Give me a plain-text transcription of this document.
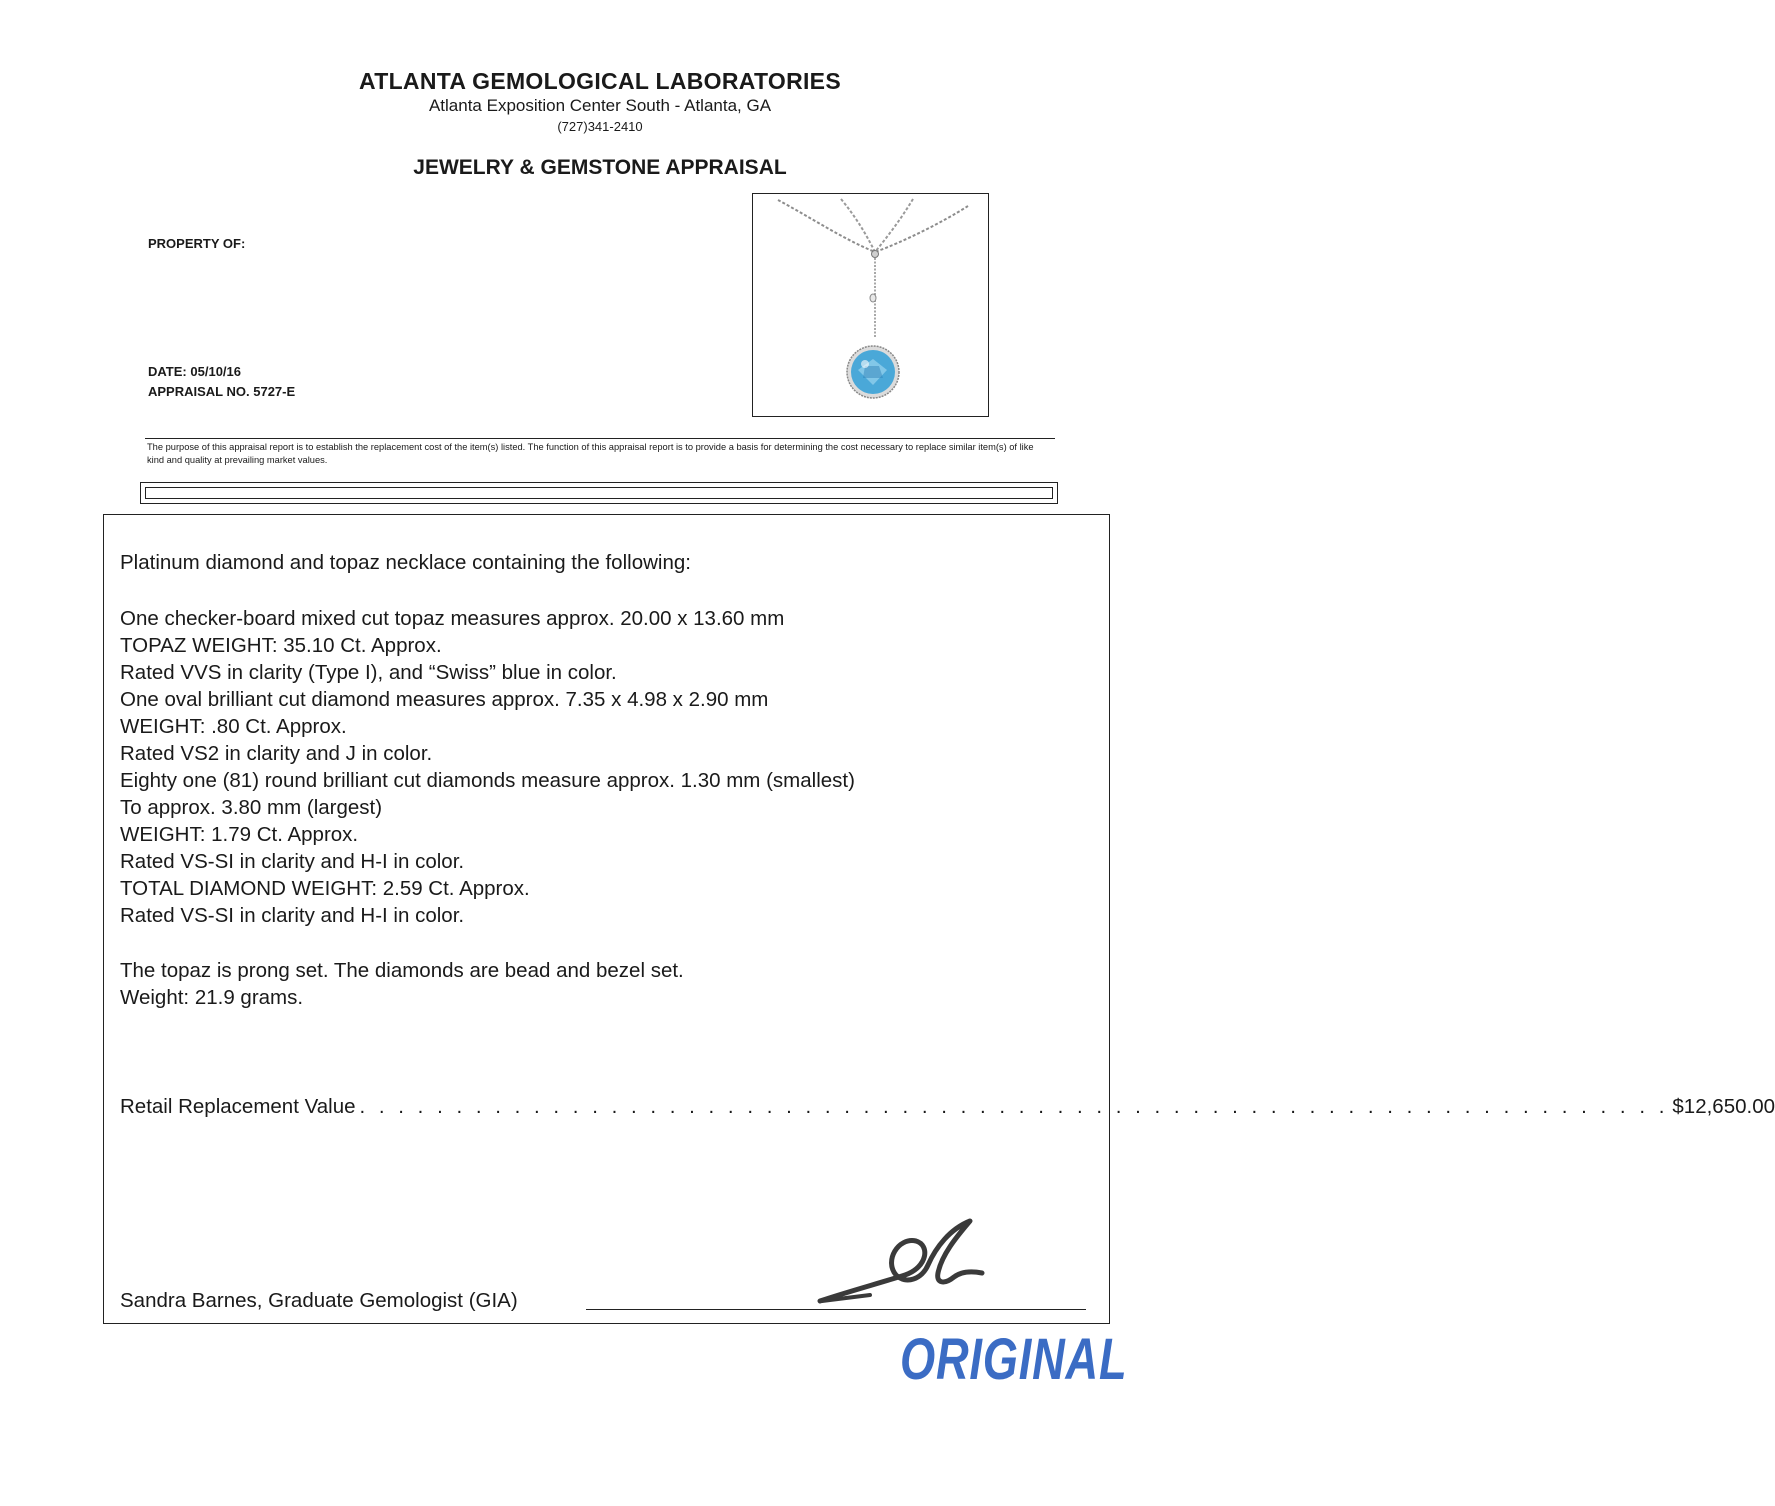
ATLANTA GEMOLOGICAL LABORATORIES
Atlanta Exposition Center South - Atlanta, GA
(727)341-2410
JEWELRY & GEMSTONE APPRAISAL
PROPERTY OF:
DATE: 05/10/16
APPRAISAL NO. 5727-E
The purpose of this appraisal report is to establish the replacement cost of the item(s) listed. The function of this appraisal report is to provide a basis for determining the cost necessary to replace similar item(s) of like kind and quality at prevailing market values.
Platinum diamond and topaz necklace containing the following:
One checker-board mixed cut topaz measures approx. 20.00 x 13.60 mm
TOPAZ WEIGHT: 35.10 Ct. Approx.
Rated VVS in clarity (Type I), and “Swiss” blue in color.
One oval brilliant cut diamond measures approx. 7.35 x 4.98 x 2.90 mm
WEIGHT: .80 Ct. Approx.
Rated VS2 in clarity and J in color.
Eighty one (81) round brilliant cut diamonds measure approx. 1.30 mm (smallest)
To approx. 3.80 mm (largest)
WEIGHT: 1.79 Ct. Approx.
Rated VS-SI in clarity and H-I in color.
TOTAL DIAMOND WEIGHT: 2.59 Ct. Approx.
Rated VS-SI in clarity and H-I in color.
The topaz is prong set. The diamonds are bead and bezel set.
Weight: 21.9 grams.
Retail Replacement Value . . . . . . . . . . . . . . . . . . . . . . . . . . . . . . . . . . . . . . . . . . . . . . . . . . . . . . . . . . . . . . . . . . . . $12,650.00
Sandra Barnes, Graduate Gemologist (GIA)
ORIGINAL
